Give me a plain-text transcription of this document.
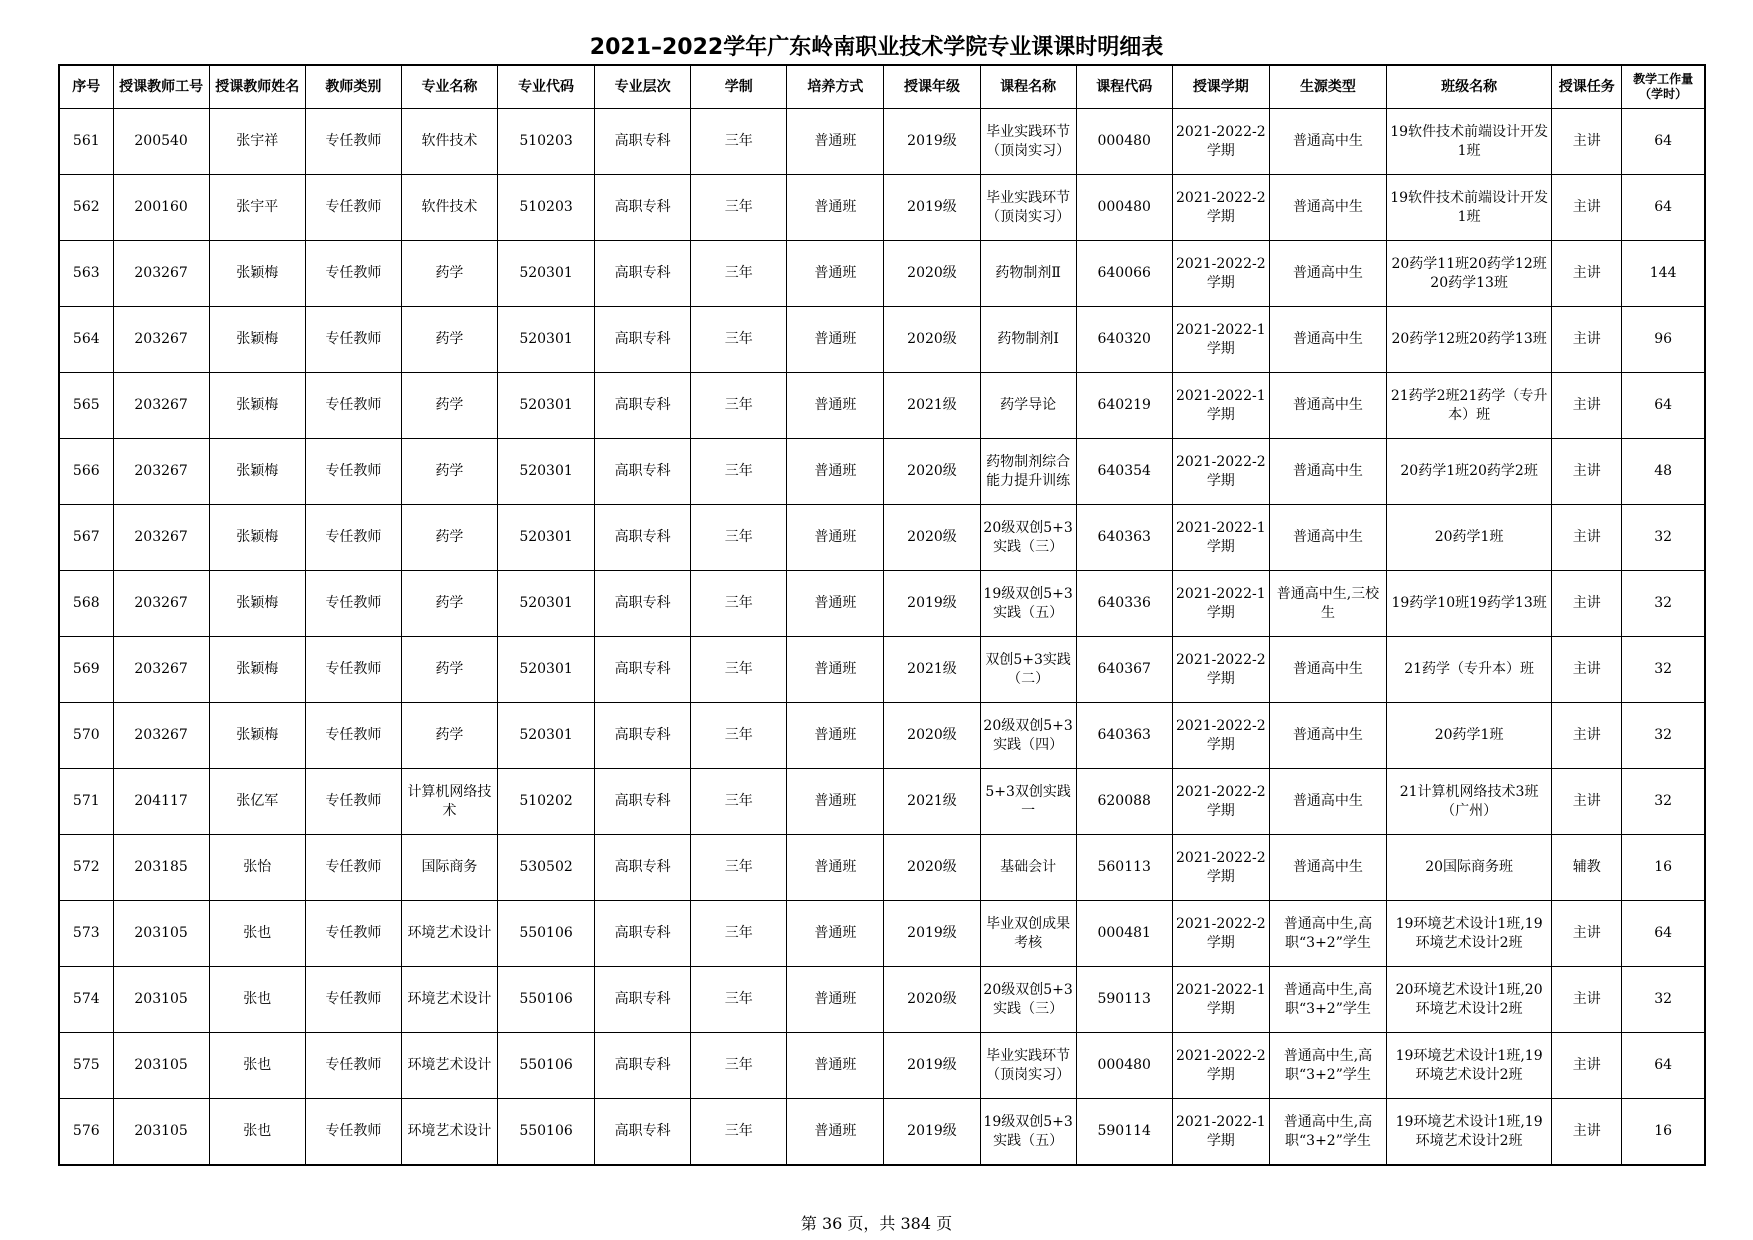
2021–2022学年广东岭南职业技术学院专业课课时明细表
序号	授课教师工号	授课教师姓名	教师类别	专业名称	专业代码	专业层次	学制	培养方式	授课年级	课程名称	课程代码	授课学期	生源类型	班级名称	授课任务	教学工作量（学时）
561	200540	张宇祥	专任教师	软件技术	510203	高职专科	三年	普通班	2019级	毕业实践环节（顶岗实习）	000480	2021-2022-2学期	普通高中生	19软件技术前端设计开发1班	主讲	64
562	200160	张宇平	专任教师	软件技术	510203	高职专科	三年	普通班	2019级	毕业实践环节（顶岗实习）	000480	2021-2022-2学期	普通高中生	19软件技术前端设计开发1班	主讲	64
563	203267	张颖梅	专任教师	药学	520301	高职专科	三年	普通班	2020级	药物制剂Ⅱ	640066	2021-2022-2学期	普通高中生	20药学11班20药学12班20药学13班	主讲	144
564	203267	张颖梅	专任教师	药学	520301	高职专科	三年	普通班	2020级	药物制剂I	640320	2021-2022-1学期	普通高中生	20药学12班20药学13班	主讲	96
565	203267	张颖梅	专任教师	药学	520301	高职专科	三年	普通班	2021级	药学导论	640219	2021-2022-1学期	普通高中生	21药学2班21药学（专升本）班	主讲	64
566	203267	张颖梅	专任教师	药学	520301	高职专科	三年	普通班	2020级	药物制剂综合能力提升训练	640354	2021-2022-2学期	普通高中生	20药学1班20药学2班	主讲	48
567	203267	张颖梅	专任教师	药学	520301	高职专科	三年	普通班	2020级	20级双创5+3实践（三）	640363	2021-2022-1学期	普通高中生	20药学1班	主讲	32
568	203267	张颖梅	专任教师	药学	520301	高职专科	三年	普通班	2019级	19级双创5+3实践（五）	640336	2021-2022-1学期	普通高中生,三校生	19药学10班19药学13班	主讲	32
569	203267	张颖梅	专任教师	药学	520301	高职专科	三年	普通班	2021级	双创5+3实践（二）	640367	2021-2022-2学期	普通高中生	21药学（专升本）班	主讲	32
570	203267	张颖梅	专任教师	药学	520301	高职专科	三年	普通班	2020级	20级双创5+3实践（四）	640363	2021-2022-2学期	普通高中生	20药学1班	主讲	32
571	204117	张亿军	专任教师	计算机网络技术	510202	高职专科	三年	普通班	2021级	5+3双创实践一	620088	2021-2022-2学期	普通高中生	21计算机网络技术3班（广州）	主讲	32
572	203185	张怡	专任教师	国际商务	530502	高职专科	三年	普通班	2020级	基础会计	560113	2021-2022-2学期	普通高中生	20国际商务班	辅教	16
573	203105	张也	专任教师	环境艺术设计	550106	高职专科	三年	普通班	2019级	毕业双创成果考核	000481	2021-2022-2学期	普通高中生,高职“3+2”学生	19环境艺术设计1班,19环境艺术设计2班	主讲	64
574	203105	张也	专任教师	环境艺术设计	550106	高职专科	三年	普通班	2020级	20级双创5+3实践（三）	590113	2021-2022-1学期	普通高中生,高职“3+2”学生	20环境艺术设计1班,20环境艺术设计2班	主讲	32
575	203105	张也	专任教师	环境艺术设计	550106	高职专科	三年	普通班	2019级	毕业实践环节（顶岗实习）	000480	2021-2022-2学期	普通高中生,高职“3+2”学生	19环境艺术设计1班,19环境艺术设计2班	主讲	64
576	203105	张也	专任教师	环境艺术设计	550106	高职专科	三年	普通班	2019级	19级双创5+3实践（五）	590114	2021-2022-1学期	普通高中生,高职“3+2”学生	19环境艺术设计1班,19环境艺术设计2班	主讲	16
第 36 页，共 384 页
